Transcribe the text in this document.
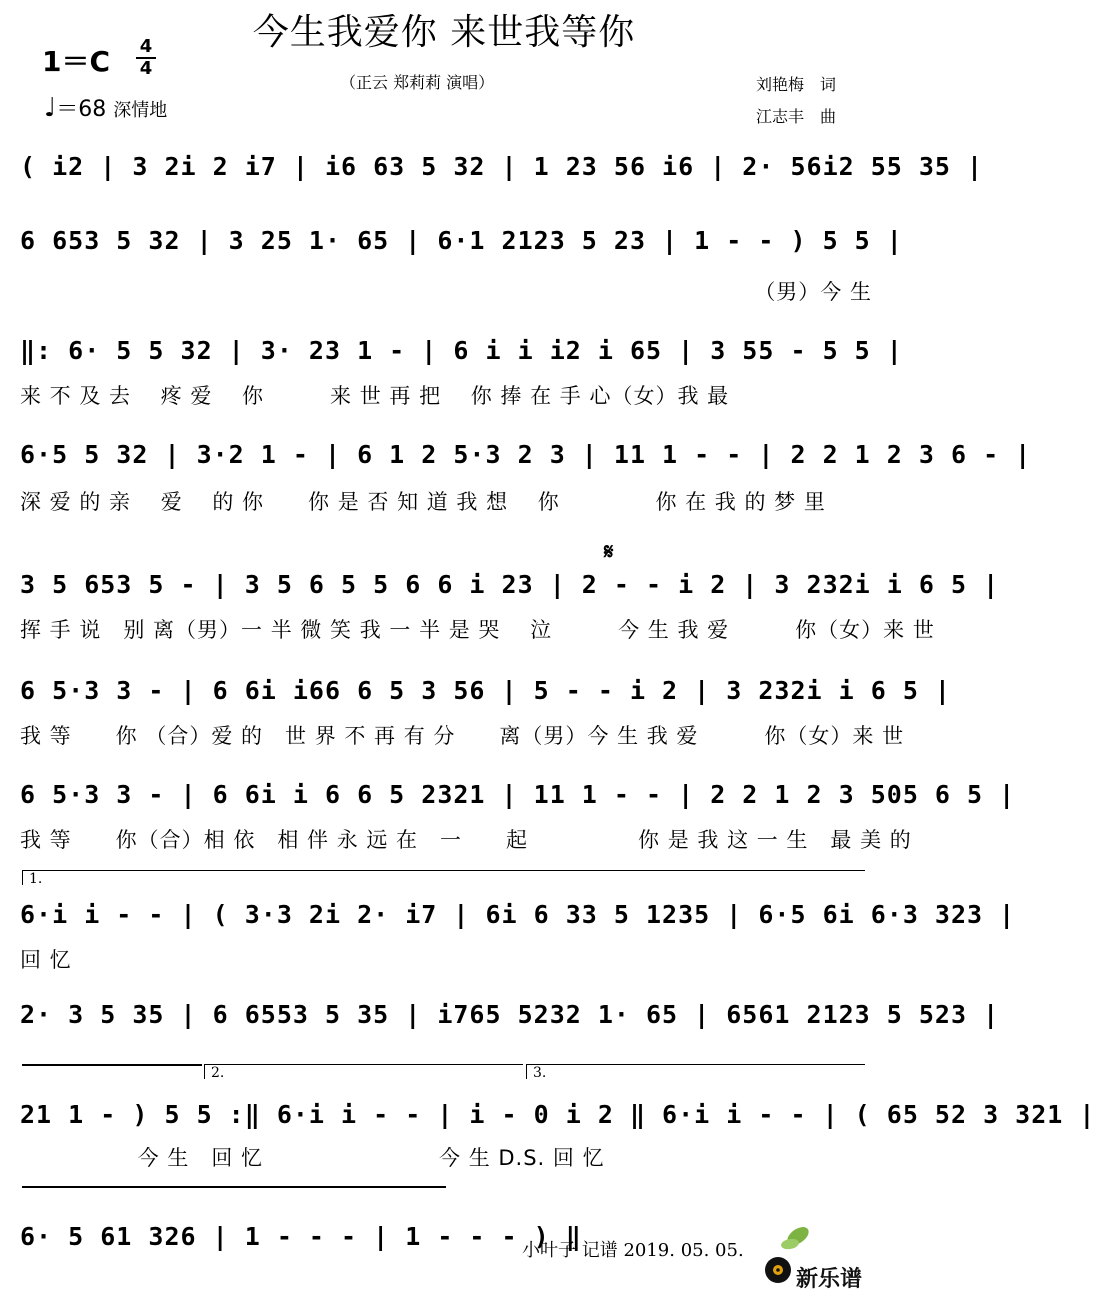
今生我爱你 来世我等你
1＝C 4
4
♩＝68 深情地
（正云 郑莉莉 演唱）	刘艳梅　词
江志丰　曲
( i2 | 3 2i 2 i7 | i6 63 5 32 | 1 23 56 i6 | 2· 56i2 55 35 |
6 653 5 32 | 3 25 1· 65 | 6·1 2123 5 23 | 1 - - ) 5 5 |
（男）今 生
‖: 6· 5 5 32 | 3· 23 1 - | 6 i i i2 i 65 | 3 55 - 5 5 |
来 不 及 去　 疼 爱　 你　　　来 世 再 把　 你 捧 在 手 心（女）我 最
6·5 5 32 | 3·2 1 - | 6 1 2 5·3 2 3 | 11 1 - - | 2 2 1 2 3 6 - |
深 爱 的 亲　 爱　 的 你　　你 是 否 知 道 我 想　 你　　　　 你 在 我 的 梦 里
𝄋
3 5 653 5 - | 3 5 6 5 5 6 6 i 23 | 2 - - i 2 | 3 232i i 6 5 |
挥 手 说　别 离（男）一 半 微 笑 我 一 半 是 哭　 泣　　　今 生 我 爱　　　你（女）来 世
6 5·3 3 - | 6 6i i66 6 5 3 56 | 5 - - i 2 | 3 232i i 6 5 |
我 等　　你 （合）爱 的　世 界 不 再 有 分　　离（男）今 生 我 爱　　　你（女）来 世
6 5·3 3 - | 6 6i i 6 6 5 2321 | 11 1 - - | 2 2 1 2 3 505 6 5 |
我 等　　你（合）相 依　相 伴 永 远 在　一　　起　　　　　你 是 我 这 一 生　最 美 的
1.
6·i i - - | ( 3·3 2i 2· i7 | 6i 6 33 5 1235 | 6·5 6i 6·3 323 |
回 忆
2· 3 5 35 | 6 6553 5 35 | i765 5232 1· 65 | 6561 2123 5 523 |
2.	3.
21 1 - ) 5 5 :‖ 6·i i - - | i - 0 i 2 ‖ 6·i i - - | ( 65 52 3 321 |
　　　　　 今 生　回 忆　　　　　　　　今 生 D.S. 回 忆
6· 5 61 326 | 1 - - - | 1 - - - ) ‖
小叶子 记谱 2019. 05. 05.
新乐谱
